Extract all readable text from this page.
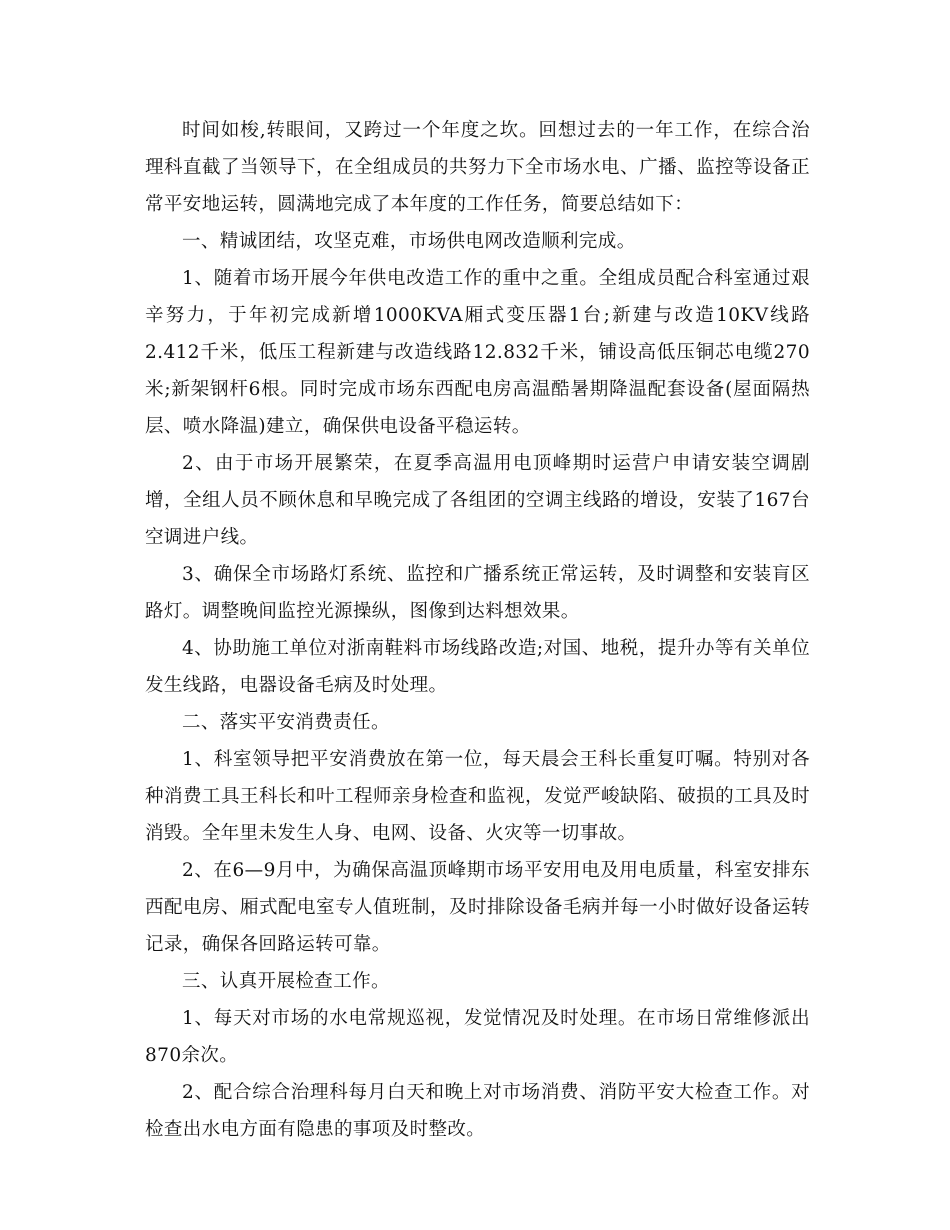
时间如梭,转眼间，又跨过一个年度之坎。回想过去的一年工作，在综合治理科直截了当领导下，在全组成员的共努力下全市场水电、广播、监控等设备正常平安地运转，圆满地完成了本年度的工作任务，简要总结如下：

一、精诚团结，攻坚克难，市场供电网改造顺利完成。

1、随着市场开展今年供电改造工作的重中之重。全组成员配合科室通过艰辛努力，于年初完成新增1000KVA厢式变压器1台;新建与改造10KV线路2.412千米，低压工程新建与改造线路12.832千米，铺设高低压铜芯电缆270米;新架钢杆6根。同时完成市场东西配电房高温酷暑期降温配套设备(屋面隔热层、喷水降温)建立，确保供电设备平稳运转。

2、由于市场开展繁荣，在夏季高温用电顶峰期时运营户申请安装空调剧增，全组人员不顾休息和早晚完成了各组团的空调主线路的增设，安装了167台空调进户线。

3、确保全市场路灯系统、监控和广播系统正常运转，及时调整和安装肓区路灯。调整晚间监控光源操纵，图像到达料想效果。

4、协助施工单位对浙南鞋料市场线路改造;对国、地税，提升办等有关单位发生线路，电器设备毛病及时处理。

二、落实平安消费责任。

1、科室领导把平安消费放在第一位，每天晨会王科长重复叮嘱。特别对各种消费工具王科长和叶工程师亲身检查和监视，发觉严峻缺陷、破损的工具及时消毁。全年里未发生人身、电网、设备、火灾等一切事故。

2、在6—9月中，为确保高温顶峰期市场平安用电及用电质量，科室安排东西配电房、厢式配电室专人值班制，及时排除设备毛病并每一小时做好设备运转记录，确保各回路运转可靠。

三、认真开展检查工作。

1、每天对市场的水电常规巡视，发觉情况及时处理。在市场日常维修派出870余次。

2、配合综合治理科每月白天和晚上对市场消费、消防平安大检查工作。对检查出水电方面有隐患的事项及时整改。
